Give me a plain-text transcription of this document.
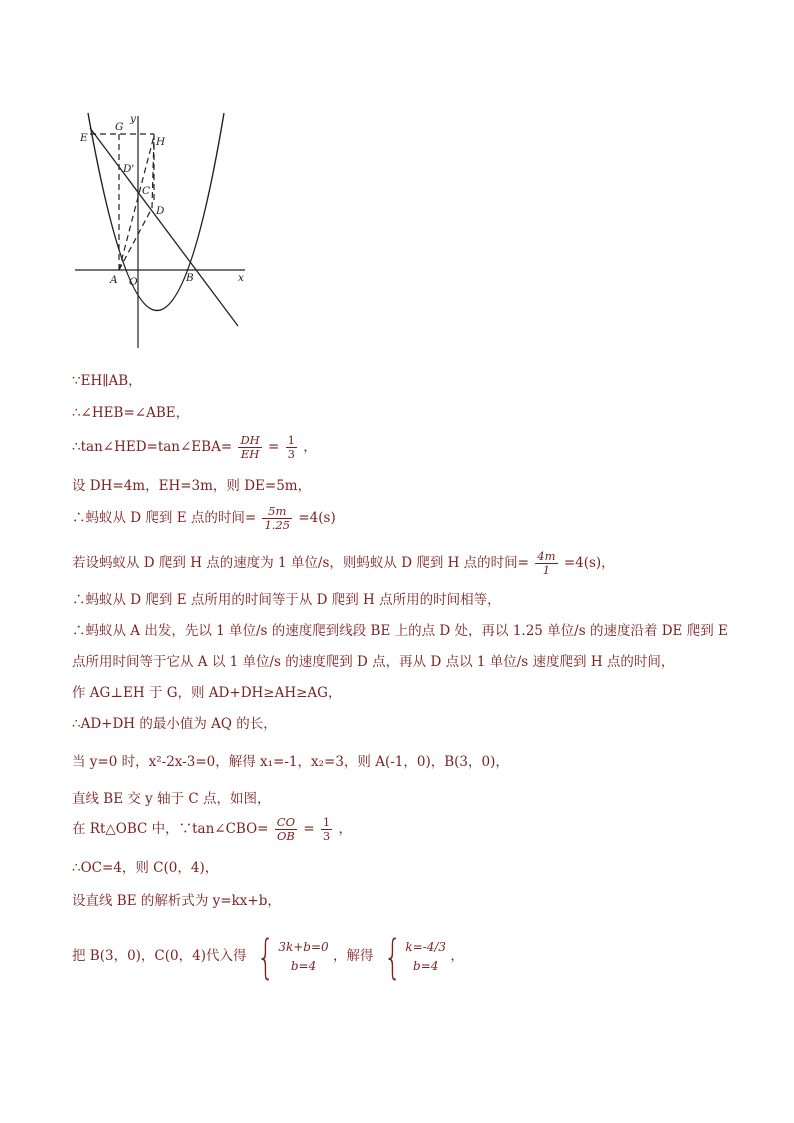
E
G
H
y
D'
C
D
A O	B	x
∵EH∥AB，
∴∠HEB=∠ABE，
∴tan∠HED=tan∠EBA= $\frac{DH}{EH} = \frac{1}{3}$ ，
设 DH=4m，EH=3m，则 DE=5m，
∴蚂蚁从 D 爬到 E 点的时间= $\frac{5m}{1.25} =4(s)$
若设蚂蚁从 D 爬到 H 点的速度为 1 单位/s，则蚂蚁从 D 爬到 H 点的时间= $\frac{4m}{1} =4(s)$，
∴蚂蚁从 D 爬到 E 点所用的时间等于从 D 爬到 H 点所用的时间相等，
∴蚂蚁从 A 出发，先以 1 单位/s 的速度爬到线段 BE 上的点 D 处，再以 1.25 单位/s 的速度沿着 DE 爬到 E
点所用时间等于它从 A 以 1 单位/s 的速度爬到 D 点，再从 D 点以 1 单位/s 速度爬到 H 点的时间，
作 AG⊥EH 于 G，则 AD+DH≥AH≥AG，
∴AD+DH 的最小值为 AQ 的长，
当 y=0 时，x²-2x-3=0，解得 x₁=-1，x₂=3，则 A(-1，0)，B(3，0)，
直线 BE 交 y 轴于 C 点，如图，
在 Rt△OBC 中，∵tan∠CBO= $\frac{CO}{OB} = \frac{1}{3}$ ，
∴OC=4，则 C(0，4)，
设直线 BE 的解析式为 y=kx+b，
把 B(3，0)，C(0，4)代入得 { 3k+b=0
b=4
，解得 { k=-4/3
b=4
，
